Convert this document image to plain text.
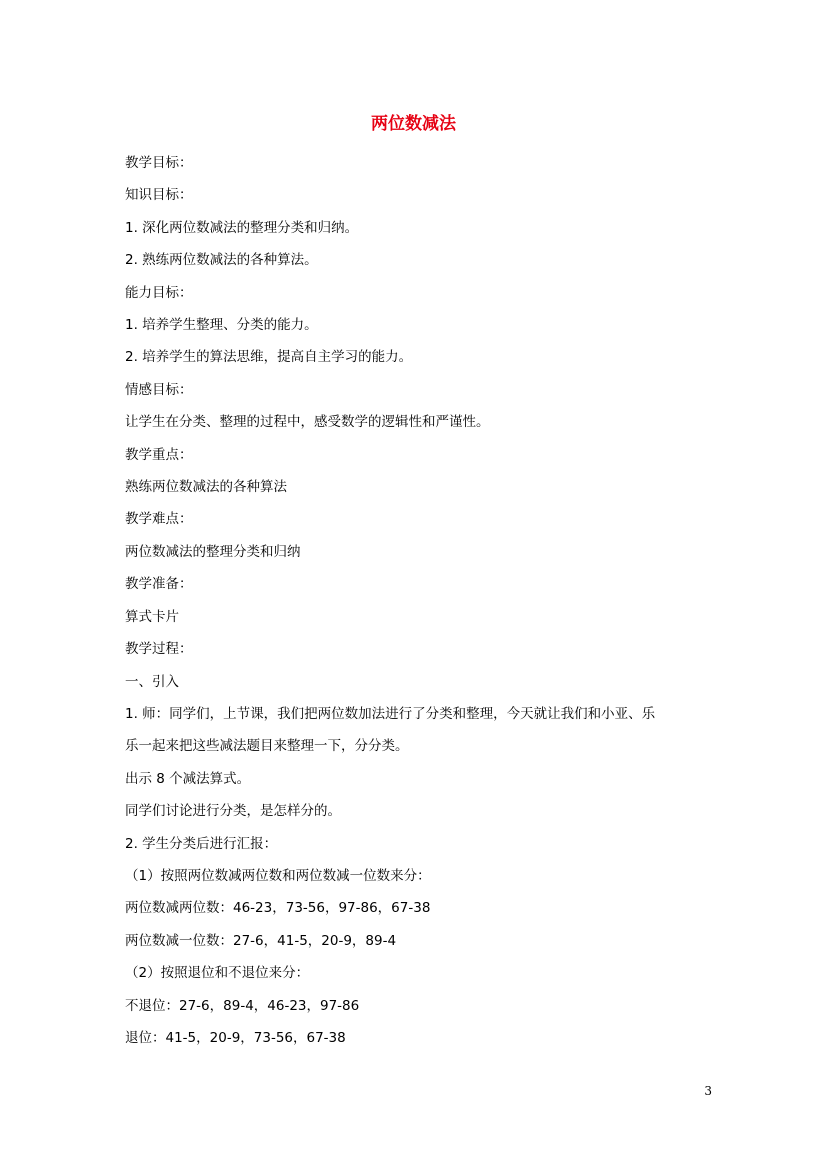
两位数减法

教学目标：

知识目标：

1. 深化两位数减法的整理分类和归纳。

2. 熟练两位数减法的各种算法。

能力目标：

1. 培养学生整理、分类的能力。

2. 培养学生的算法思维，提高自主学习的能力。

情感目标：

让学生在分类、整理的过程中，感受数学的逻辑性和严谨性。

教学重点：

熟练两位数减法的各种算法

教学难点：

两位数减法的整理分类和归纳

教学准备：

算式卡片

教学过程：

一、引入

1. 师：同学们，上节课，我们把两位数加法进行了分类和整理，今天就让我们和小亚、乐

乐一起来把这些减法题目来整理一下，分分类。

出示 8 个减法算式。

同学们讨论进行分类，是怎样分的。

2. 学生分类后进行汇报：

（1）按照两位数减两位数和两位数减一位数来分：

两位数减两位数：46-23，73-56，97-86，67-38

两位数减一位数：27-6，41-5，20-9，89-4

（2）按照退位和不退位来分：

不退位：27-6，89-4，46-23，97-86

退位：41-5，20-9，73-56，67-38

3
